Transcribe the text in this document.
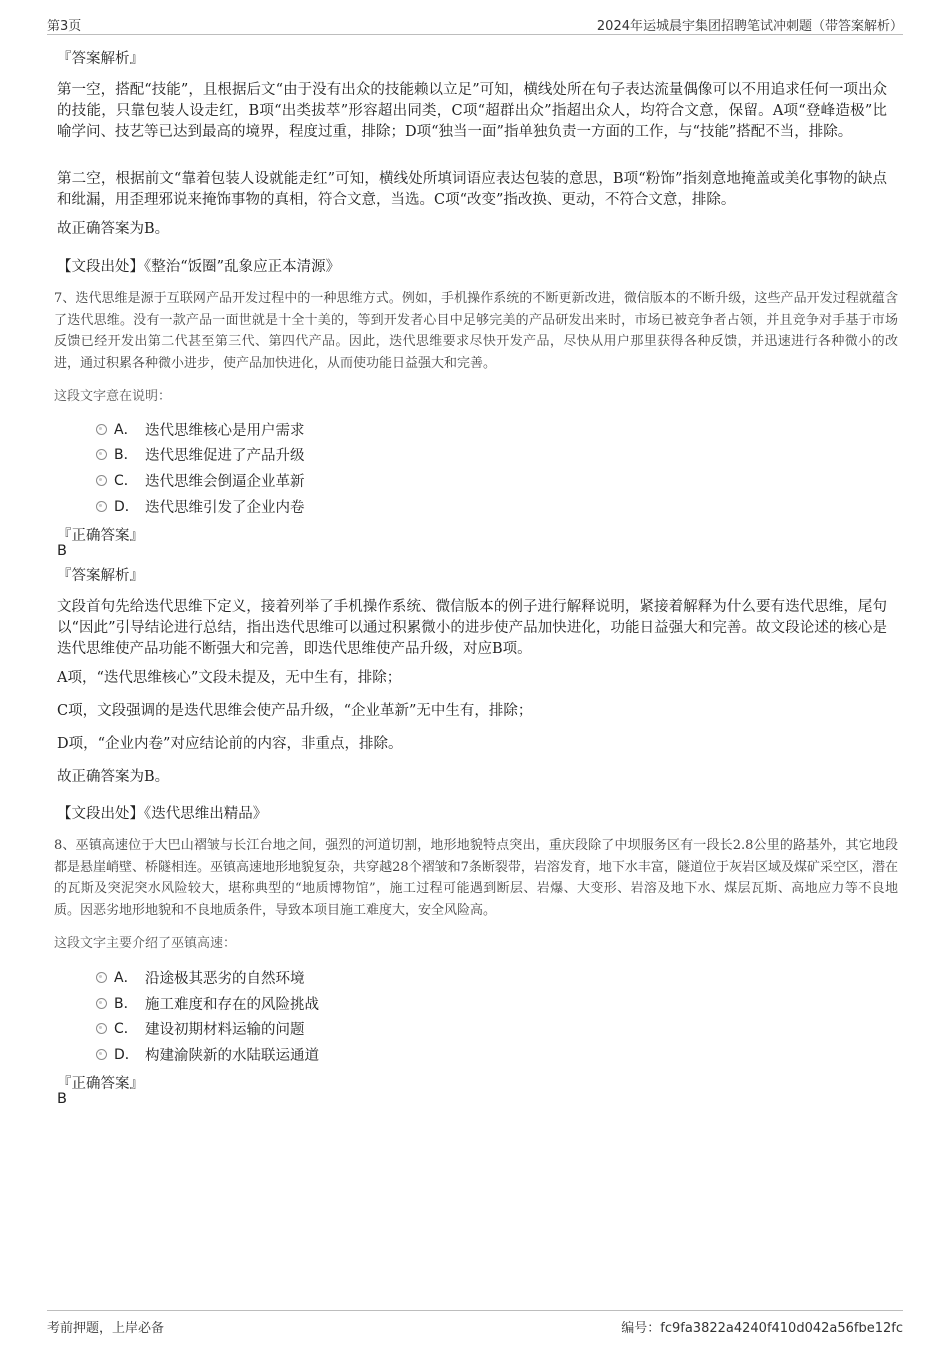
第3页	2024年运城晨宇集团招聘笔试冲刺题（带答案解析）
『答案解析』

第一空，搭配“技能”，且根据后文“由于没有出众的技能赖以立足”可知，横线处所在句子表达流量偶像可以不用追求任何一项出众的技能，只靠包装人设走红，B项“出类拔萃”形容超出同类，C项“超群出众”指超出众人，均符合文意，保留。A项“登峰造极”比喻学问、技艺等已达到最高的境界，程度过重，排除；D项“独当一面”指单独负责一方面的工作，与“技能”搭配不当，排除。

第二空，根据前文“靠着包装人设就能走红”可知，横线处所填词语应表达包装的意思，B项“粉饰”指刻意地掩盖或美化事物的缺点和纰漏，用歪理邪说来掩饰事物的真相，符合文意，当选。C项“改变”指改换、更动，不符合文意，排除。

故正确答案为B。

【文段出处】《整治“饭圈”乱象应正本清源》

7、迭代思维是源于互联网产品开发过程中的一种思维方式。例如，手机操作系统的不断更新改进，微信版本的不断升级，这些产品开发过程就蕴含了迭代思维。没有一款产品一面世就是十全十美的，等到开发者心目中足够完美的产品研发出来时，市场已被竞争者占领，并且竞争对手基于市场反馈已经开发出第二代甚至第三代、第四代产品。因此，迭代思维要求尽快开发产品，尽快从用户那里获得各种反馈，并迅速进行各种微小的改进，通过积累各种微小进步，使产品加快进化，从而使功能日益强大和完善。

这段文字意在说明：
A． 迭代思维核心是用户需求
B． 迭代思维促进了产品升级
C． 迭代思维会倒逼企业革新
D． 迭代思维引发了企业内卷
『正确答案』
B
『答案解析』

文段首句先给迭代思维下定义，接着列举了手机操作系统、微信版本的例子进行解释说明，紧接着解释为什么要有迭代思维，尾句以“因此”引导结论进行总结，指出迭代思维可以通过积累微小的进步使产品加快进化，功能日益强大和完善。故文段论述的核心是迭代思维使产品功能不断强大和完善，即迭代思维使产品升级，对应B项。

A项，“迭代思维核心”文段未提及，无中生有，排除；

C项，文段强调的是迭代思维会使产品升级，“企业革新”无中生有，排除；

D项，“企业内卷”对应结论前的内容，非重点，排除。

故正确答案为B。

【文段出处】《迭代思维出精品》

8、巫镇高速位于大巴山褶皱与长江台地之间，强烈的河道切割，地形地貌特点突出，重庆段除了中坝服务区有一段长2.8公里的路基外，其它地段都是悬崖峭壁、桥隧相连。巫镇高速地形地貌复杂，共穿越28个褶皱和7条断裂带，岩溶发育，地下水丰富，隧道位于灰岩区域及煤矿采空区，潜在的瓦斯及突泥突水风险较大，堪称典型的“地质博物馆”，施工过程可能遇到断层、岩爆、大变形、岩溶及地下水、煤层瓦斯、高地应力等不良地质。因恶劣地形地貌和不良地质条件，导致本项目施工难度大，安全风险高。

这段文字主要介绍了巫镇高速：
A． 沿途极其恶劣的自然环境
B． 施工难度和存在的风险挑战
C． 建设初期材料运输的问题
D． 构建渝陕新的水陆联运通道
『正确答案』
B
考前押题，上岸必备	编号：fc9fa3822a4240f410d042a56fbe12fc
